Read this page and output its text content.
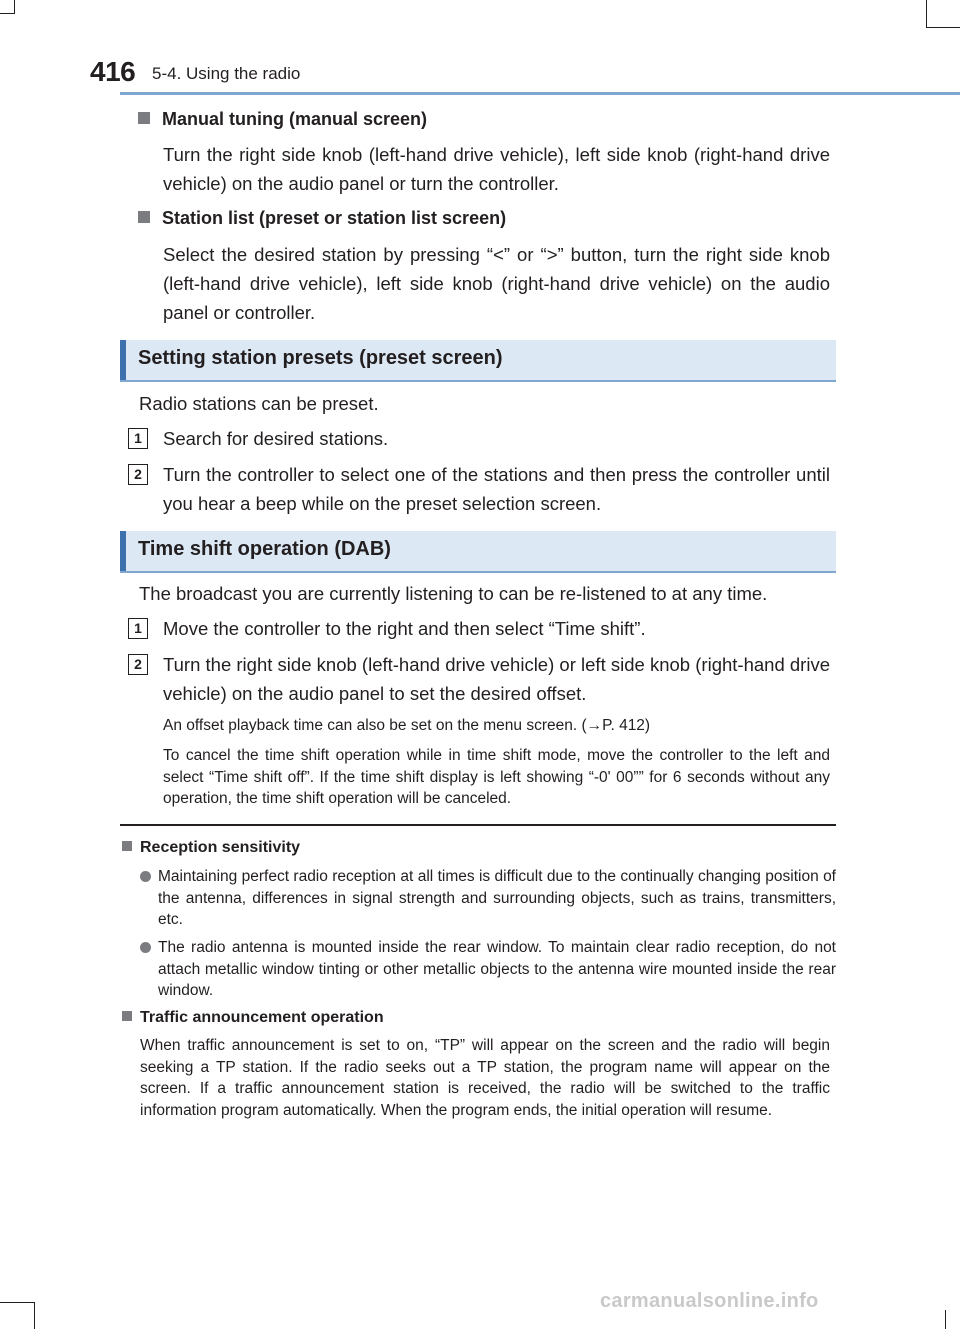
416 5-4. Using the radio
Manual tuning (manual screen)
Turn the right side knob (left-hand drive vehicle), left side knob (right-hand drive vehicle) on the audio panel or turn the controller.
Station list (preset or station list screen)
Select the desired station by pressing “<” or “>” button, turn the right side knob (left-hand drive vehicle), left side knob (right-hand drive vehicle) on the audio panel or controller.
Setting station presets (preset screen)
Radio stations can be preset.
1	Search for desired stations.
2	Turn the controller to select one of the stations and then press the controller until you hear a beep while on the preset selection screen.
Time shift operation (DAB)
The broadcast you are currently listening to can be re-listened to at any time.
1	Move the controller to the right and then select “Time shift”.
2	Turn the right side knob (left-hand drive vehicle) or left side knob (right-hand drive vehicle) on the audio panel to set the desired offset.
An offset playback time can also be set on the menu screen. (→P. 412)
To cancel the time shift operation while in time shift mode, move the controller to the left and select “Time shift off”. If the time shift display is left showing “-0' 00”” for 6 seconds without any operation, the time shift operation will be canceled.
Reception sensitivity
Maintaining perfect radio reception at all times is difficult due to the continually changing position of the antenna, differences in signal strength and surrounding objects, such as trains, transmitters, etc.
The radio antenna is mounted inside the rear window. To maintain clear radio reception, do not attach metallic window tinting or other metallic objects to the antenna wire mounted inside the rear window.
Traffic announcement operation
When traffic announcement is set to on, “TP” will appear on the screen and the radio will begin seeking a TP station. If the radio seeks out a TP station, the program name will appear on the screen. If a traffic announcement station is received, the radio will be switched to the traffic information program automatically. When the program ends, the initial operation will resume.
carmanualsonline.info
